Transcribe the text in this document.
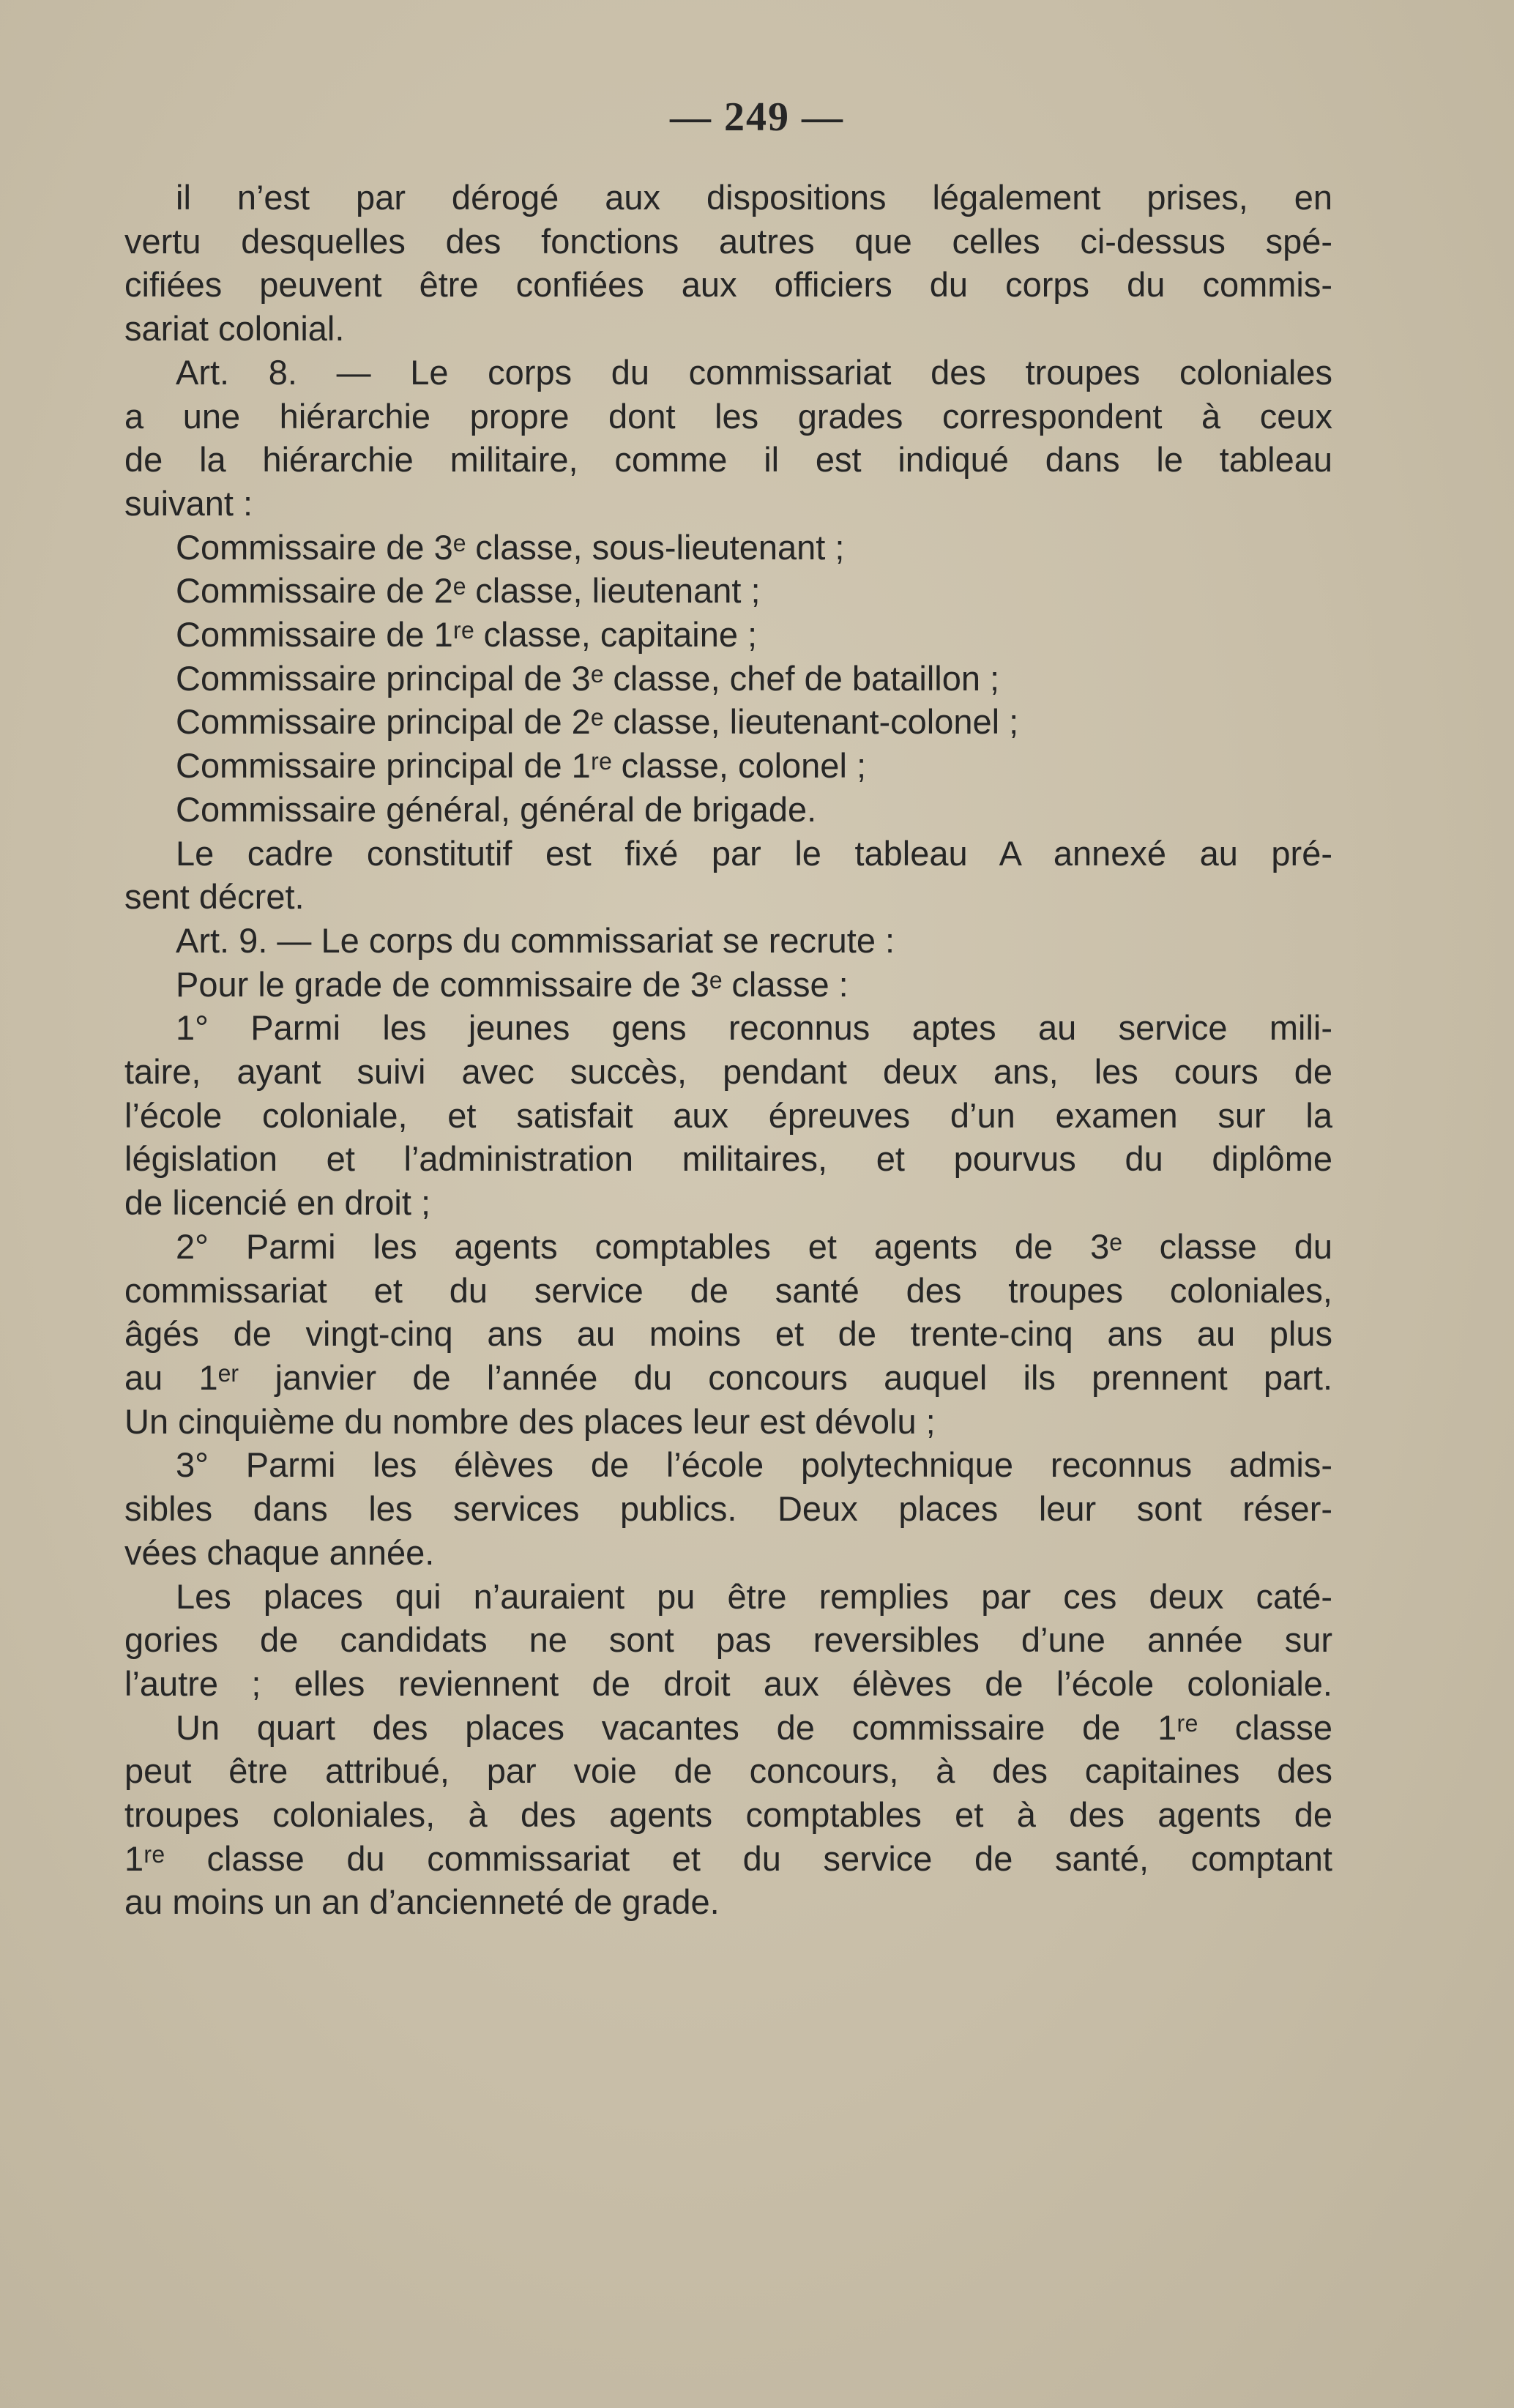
— 249 —
il n’est par dérogé aux dispositions légalement prises, en
vertu desquelles des fonctions autres que celles ci-dessus spé-
cifiées peuvent être confiées aux officiers du corps du commis-
sariat colonial.
Art. 8. — Le corps du commissariat des troupes coloniales
a une hiérarchie propre dont les grades correspondent à ceux
de la hiérarchie militaire, comme il est indiqué dans le tableau
suivant :
Commissaire de 3ᵉ classe, sous-lieutenant ;
Commissaire de 2ᵉ classe, lieutenant ;
Commissaire de 1ʳᵉ classe, capitaine ;
Commissaire principal de 3ᵉ classe, chef de bataillon ;
Commissaire principal de 2ᵉ classe, lieutenant-colonel ;
Commissaire principal de 1ʳᵉ classe, colonel ;
Commissaire général, général de brigade.
Le cadre constitutif est fixé par le tableau A annexé au pré-
sent décret.
Art. 9. — Le corps du commissariat se recrute :
Pour le grade de commissaire de 3ᵉ classe :
1° Parmi les jeunes gens reconnus aptes au service mili-
taire, ayant suivi avec succès, pendant deux ans, les cours de
l’école coloniale, et satisfait aux épreuves d’un examen sur la
législation et l’administration militaires, et pourvus du diplôme
de licencié en droit ;
2° Parmi les agents comptables et agents de 3ᵉ classe du
commissariat et du service de santé des troupes coloniales,
âgés de vingt-cinq ans au moins et de trente-cinq ans au plus
au 1ᵉʳ janvier de l’année du concours auquel ils prennent part.
Un cinquième du nombre des places leur est dévolu ;
3° Parmi les élèves de l’école polytechnique reconnus admis-
sibles dans les services publics. Deux places leur sont réser-
vées chaque année.
Les places qui n’auraient pu être remplies par ces deux caté-
gories de candidats ne sont pas reversibles d’une année sur
l’autre ; elles reviennent de droit aux élèves de l’école coloniale.
Un quart des places vacantes de commissaire de 1ʳᵉ classe
peut être attribué, par voie de concours, à des capitaines des
troupes coloniales, à des agents comptables et à des agents de
1ʳᵉ classe du commissariat et du service de santé, comptant
au moins un an d’ancienneté de grade.
